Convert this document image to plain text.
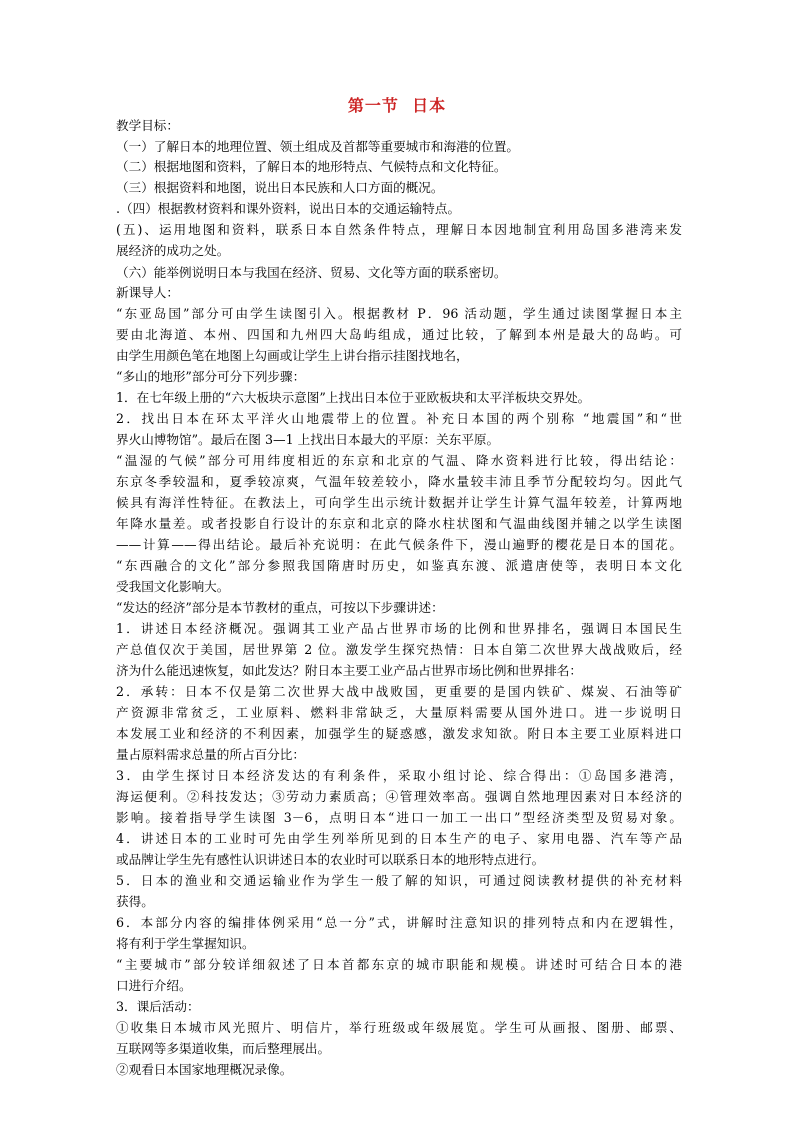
第一节  日本
教学目标：
（一）了解日本的地理位置、领土组成及首都等重要城市和海港的位置。
（二）根据地图和资料，了解日本的地形特点、气候特点和文化特征。
（三）根据资料和地图，说出日本民族和人口方面的概况。
.（四）根据教材资料和课外资料，说出日本的交通运输特点。
(五)、运用地图和资料，联系日本自然条件特点，理解日本因地制宜利用岛国多港湾来发
展经济的成功之处。
（六）能举例说明日本与我国在经济、贸易、文化等方面的联系密切。
新课导人：
“东亚岛国”部分可由学生读图引入。根据教材 P．96 活动题，学生通过读图掌握日本主
要由北海道、本州、四国和九州四大岛屿组成，通过比较，了解到本州是最大的岛屿。可
由学生用颜色笔在地图上勾画或让学生上讲台指示挂图找地名，
“多山的地形”部分可分下列步骤：
1．在七年级上册的“六大板块示意图”上找出日本位于亚欧板块和太平洋板块交界处。
2．找出日本在环太平洋火山地震带上的位置。补充日本国的两个别称 “地震国”和“世
界火山博物馆”。最后在图 3—1 上找出日本最大的平原：关东平原。
“温湿的气候”部分可用纬度相近的东京和北京的气温、降水资料进行比较，得出结论：
东京冬季较温和，夏季较凉爽，气温年较差较小，降水量较丰沛且季节分配较均匀。因此气
候具有海洋性特征。在教法上，可向学生出示统计数据并让学生计算气温年较差，计算两地
年降水量差。或者投影自行设计的东京和北京的降水柱状图和气温曲线图并辅之以学生读图
——计算——得出结论。最后补充说明：在此气候条件下，漫山遍野的樱花是日本的国花。
“东西融合的文化”部分参照我国隋唐时历史，如鉴真东渡、派遣唐使等，表明日本文化
受我国文化影响大。
“发达的经济”部分是本节教材的重点，可按以下步骤讲述：
1．讲述日本经济概况。强调其工业产品占世界市场的比例和世界排名，强调日本国民生
产总值仅次于美国，居世界第 2 位。激发学生探究热情：日本自第二次世界大战战败后，经
济为什么能迅速恢复，如此发达？附日本主要工业产品占世界市场比例和世界排名：
2．承转：日本不仅是第二次世界大战中战败国，更重要的是国内铁矿、煤炭、石油等矿
产资源非常贫乏，工业原料、燃料非常缺乏，大量原料需要从国外进口。进一步说明日
本发展工业和经济的不利因素，加强学生的疑惑感，激发求知欲。附日本主要工业原料进口
量占原料需求总量的所占百分比：
3．由学生探讨日本经济发达的有利条件，采取小组讨论、综合得出：①岛国多港湾，
海运便利。②科技发达；③劳动力素质高；④管理效率高。强调自然地理因素对日本经济的
影响。接着指导学生读图 3－6，点明日本“进口一加工一出口”型经济类型及贸易对象。
4．讲述日本的工业时可先由学生列举所见到的日本生产的电子、家用电器、汽车等产品
或品牌让学生先有感性认识讲述日本的农业时可以联系日本的地形特点进行。
5．日本的渔业和交通运输业作为学生一般了解的知识，可通过阅读教材提供的补充材料
获得。
6．本部分内容的编排体例采用“总一分”式，讲解时注意知识的排列特点和内在逻辑性，
将有利于学生掌握知识。
“主要城市”部分较详细叙述了日本首都东京的城市职能和规模。讲述时可结合日本的港
口进行介绍。
3．课后活动：
①收集日本城市风光照片、明信片，举行班级或年级展览。学生可从画报、图册、邮票、
互联网等多渠道收集，而后整理展出。
②观看日本国家地理概况录像。
